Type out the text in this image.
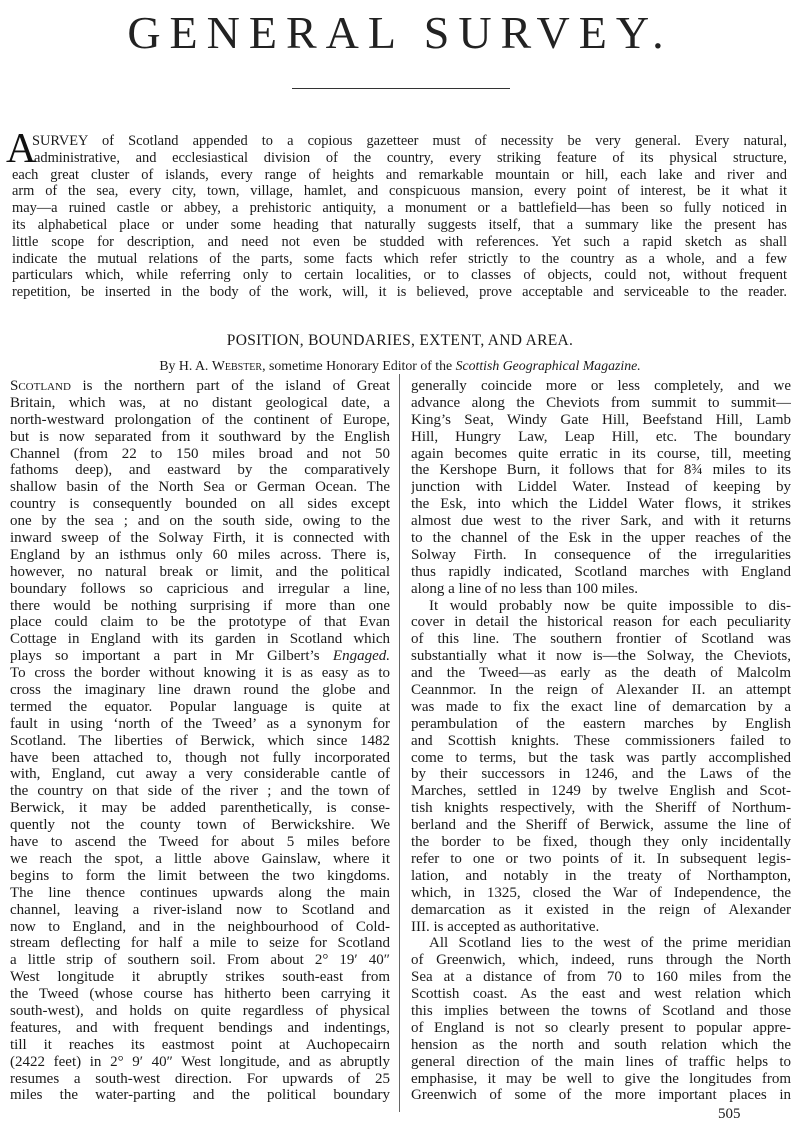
GENERAL SURVEY.
A
SURVEY of Scotland appended to a copious gazetteer must of necessity be very general. Every natural,
administrative, and ecclesiastical division of the country, every striking feature of its physical structure,
each great cluster of islands, every range of heights and remarkable mountain or hill, each lake and river and
arm of the sea, every city, town, village, hamlet, and conspicuous mansion, every point of interest, be it what it
may—a ruined castle or abbey, a prehistoric antiquity, a monument or a battlefield—has been so fully noticed in
its alphabetical place or under some heading that naturally suggests itself, that a summary like the present has
little scope for description, and need not even be studded with references. Yet such a rapid sketch as shall
indicate the mutual relations of the parts, some facts which refer strictly to the country as a whole, and a few
particulars which, while referring only to certain localities, or to classes of objects, could not, without frequent
repetition, be inserted in the body of the work, will, it is believed, prove acceptable and serviceable to the reader.
POSITION, BOUNDARIES, EXTENT, AND AREA.
By H. A. Webster, sometime Honorary Editor of the Scottish Geographical Magazine.
Scotland is the northern part of the island of Great
Britain, which was, at no distant geological date, a
north-westward prolongation of the continent of Europe,
but is now separated from it southward by the English
Channel (from 22 to 150 miles broad and not 50
fathoms deep), and eastward by the comparatively
shallow basin of the North Sea or German Ocean. The
country is consequently bounded on all sides except
one by the sea ; and on the south side, owing to the
inward sweep of the Solway Firth, it is connected with
England by an isthmus only 60 miles across. There is,
however, no natural break or limit, and the political
boundary follows so capricious and irregular a line,
there would be nothing surprising if more than one
place could claim to be the prototype of that Evan
Cottage in England with its garden in Scotland which
plays so important a part in Mr Gilbert’s Engaged.
To cross the border without knowing it is as easy as to
cross the imaginary line drawn round the globe and
termed the equator. Popular language is quite at
fault in using ‘north of the Tweed’ as a synonym for
Scotland. The liberties of Berwick, which since 1482
have been attached to, though not fully incorporated
with, England, cut away a very considerable cantle of
the country on that side of the river ; and the town of
Berwick, it may be added parenthetically, is conse-
quently not the county town of Berwickshire. We
have to ascend the Tweed for about 5 miles before
we reach the spot, a little above Gainslaw, where it
begins to form the limit between the two kingdoms.
The line thence continues upwards along the main
channel, leaving a river-island now to Scotland and
now to England, and in the neighbourhood of Cold-
stream deflecting for half a mile to seize for Scotland
a little strip of southern soil. From about 2° 19′ 40″
West longitude it abruptly strikes south-east from
the Tweed (whose course has hitherto been carrying it
south-west), and holds on quite regardless of physical
features, and with frequent bendings and indentings,
till it reaches its eastmost point at Auchopecairn
(2422 feet) in 2° 9′ 40″ West longitude, and as abruptly
resumes a south-west direction. For upwards of 25
miles the water-parting and the political boundary
generally coincide more or less completely, and we
advance along the Cheviots from summit to summit—
King’s Seat, Windy Gate Hill, Beefstand Hill, Lamb
Hill, Hungry Law, Leap Hill, etc. The boundary
again becomes quite erratic in its course, till, meeting
the Kershope Burn, it follows that for 8¾ miles to its
junction with Liddel Water. Instead of keeping by
the Esk, into which the Liddel Water flows, it strikes
almost due west to the river Sark, and with it returns
to the channel of the Esk in the upper reaches of the
Solway Firth. In consequence of the irregularities
thus rapidly indicated, Scotland marches with England
along a line of no less than 100 miles.
It would probably now be quite impossible to dis-
cover in detail the historical reason for each peculiarity
of this line. The southern frontier of Scotland was
substantially what it now is—the Solway, the Cheviots,
and the Tweed—as early as the death of Malcolm
Ceannmor. In the reign of Alexander II. an attempt
was made to fix the exact line of demarcation by a
perambulation of the eastern marches by English
and Scottish knights. These commissioners failed to
come to terms, but the task was partly accomplished
by their successors in 1246, and the Laws of the
Marches, settled in 1249 by twelve English and Scot-
tish knights respectively, with the Sheriff of Northum-
berland and the Sheriff of Berwick, assume the line of
the border to be fixed, though they only incidentally
refer to one or two points of it. In subsequent legis-
lation, and notably in the treaty of Northampton,
which, in 1325, closed the War of Independence, the
demarcation as it existed in the reign of Alexander
III. is accepted as authoritative.
All Scotland lies to the west of the prime meridian
of Greenwich, which, indeed, runs through the North
Sea at a distance of from 70 to 160 miles from the
Scottish coast. As the east and west relation which
this implies between the towns of Scotland and those
of England is not so clearly present to popular appre-
hension as the north and south relation which the
general direction of the main lines of traffic helps to
emphasise, it may be well to give the longitudes from
Greenwich of some of the more important places in
505
